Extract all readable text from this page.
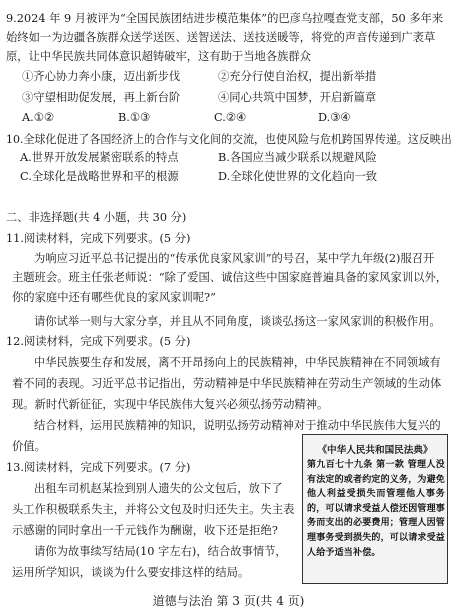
9.2024 年 9 月被评为“全国民族团结进步模范集体”的巴彦乌拉嘎查党支部，50 多年来
始终如一为边疆各族群众送学送医、送智送法、送技送暖等，将党的声音传递到广袤草
原，让中华民族共同体意识超铸破牢，这有助于当地各族群众
①齐心协力奔小康，迈出新步伐	②充分行使自治权，提出新举措
③守望相助促发展，再上新台阶	④同心共筑中国梦，开启新篇章
A.①②	B.①③	C.②④	D.③④
10.全球化促进了各国经济上的合作与文化间的交流，也使风险与危机跨国界传递。这反映出
A.世界开放发展紧密联系的特点	B.各国应当减少联系以规避风险
C.全球化是战略世界和平的根源	D.全球化使世界的文化趋向一致
二、非选择题(共 4 小题，共 30 分)
11.阅读材料，完成下列要求。(5 分)
为响应习近平总书记提出的“传承优良家风家训”的号召，某中学九年级(2)服召开
主题班会。班主任张老师说：“除了爱国、诚信这些中国家庭普遍具备的家风家训以外，
你的家庭中还有哪些优良的家风家训呢?”
请你试举一则与大家分享，并且从不同角度，谈谈弘扬这一家风家训的积极作用。
12.阅读材料，完成下列要求。(5 分)
中华民族要生存和发展，离不开昂扬向上的民族精神，中华民族精神在不同领域有
着不同的表现。习近平总书记指出，劳动精神是中华民族精神在劳动生产领域的生动体
现。新时代新征征，实现中华民族伟大复兴必须弘扬劳动精神。
结合材料，运用民族精神的知识，说明弘扬劳动精神对于推动中华民族伟大复兴的
价值。
13.阅读材料，完成下列要求。(7 分)
出租车司机赵某捡到别人遗失的公文包后，放下了
头工作积极联系失主，并将公文包及时归还失主。失主表
示感谢的同时拿出一千元钱作为酬谢，收下还是拒绝?
请你为故事续写结局(10 字左右)，结合故事情节，
运用所学知识，谈谈为什么要安排这样的结局。
《中华人民共和国民法典》
第九百七十九条 第一款 管理人没有法定的或者约定的义务，为避免他人利益受损失而管理他人事务的，可以请求受益人偿还因管理事务而支出的必要费用；管理人因管理事务受到损失的，可以请求受益人给予适当补偿。
道德与法治 第 3 页(共 4 页)
